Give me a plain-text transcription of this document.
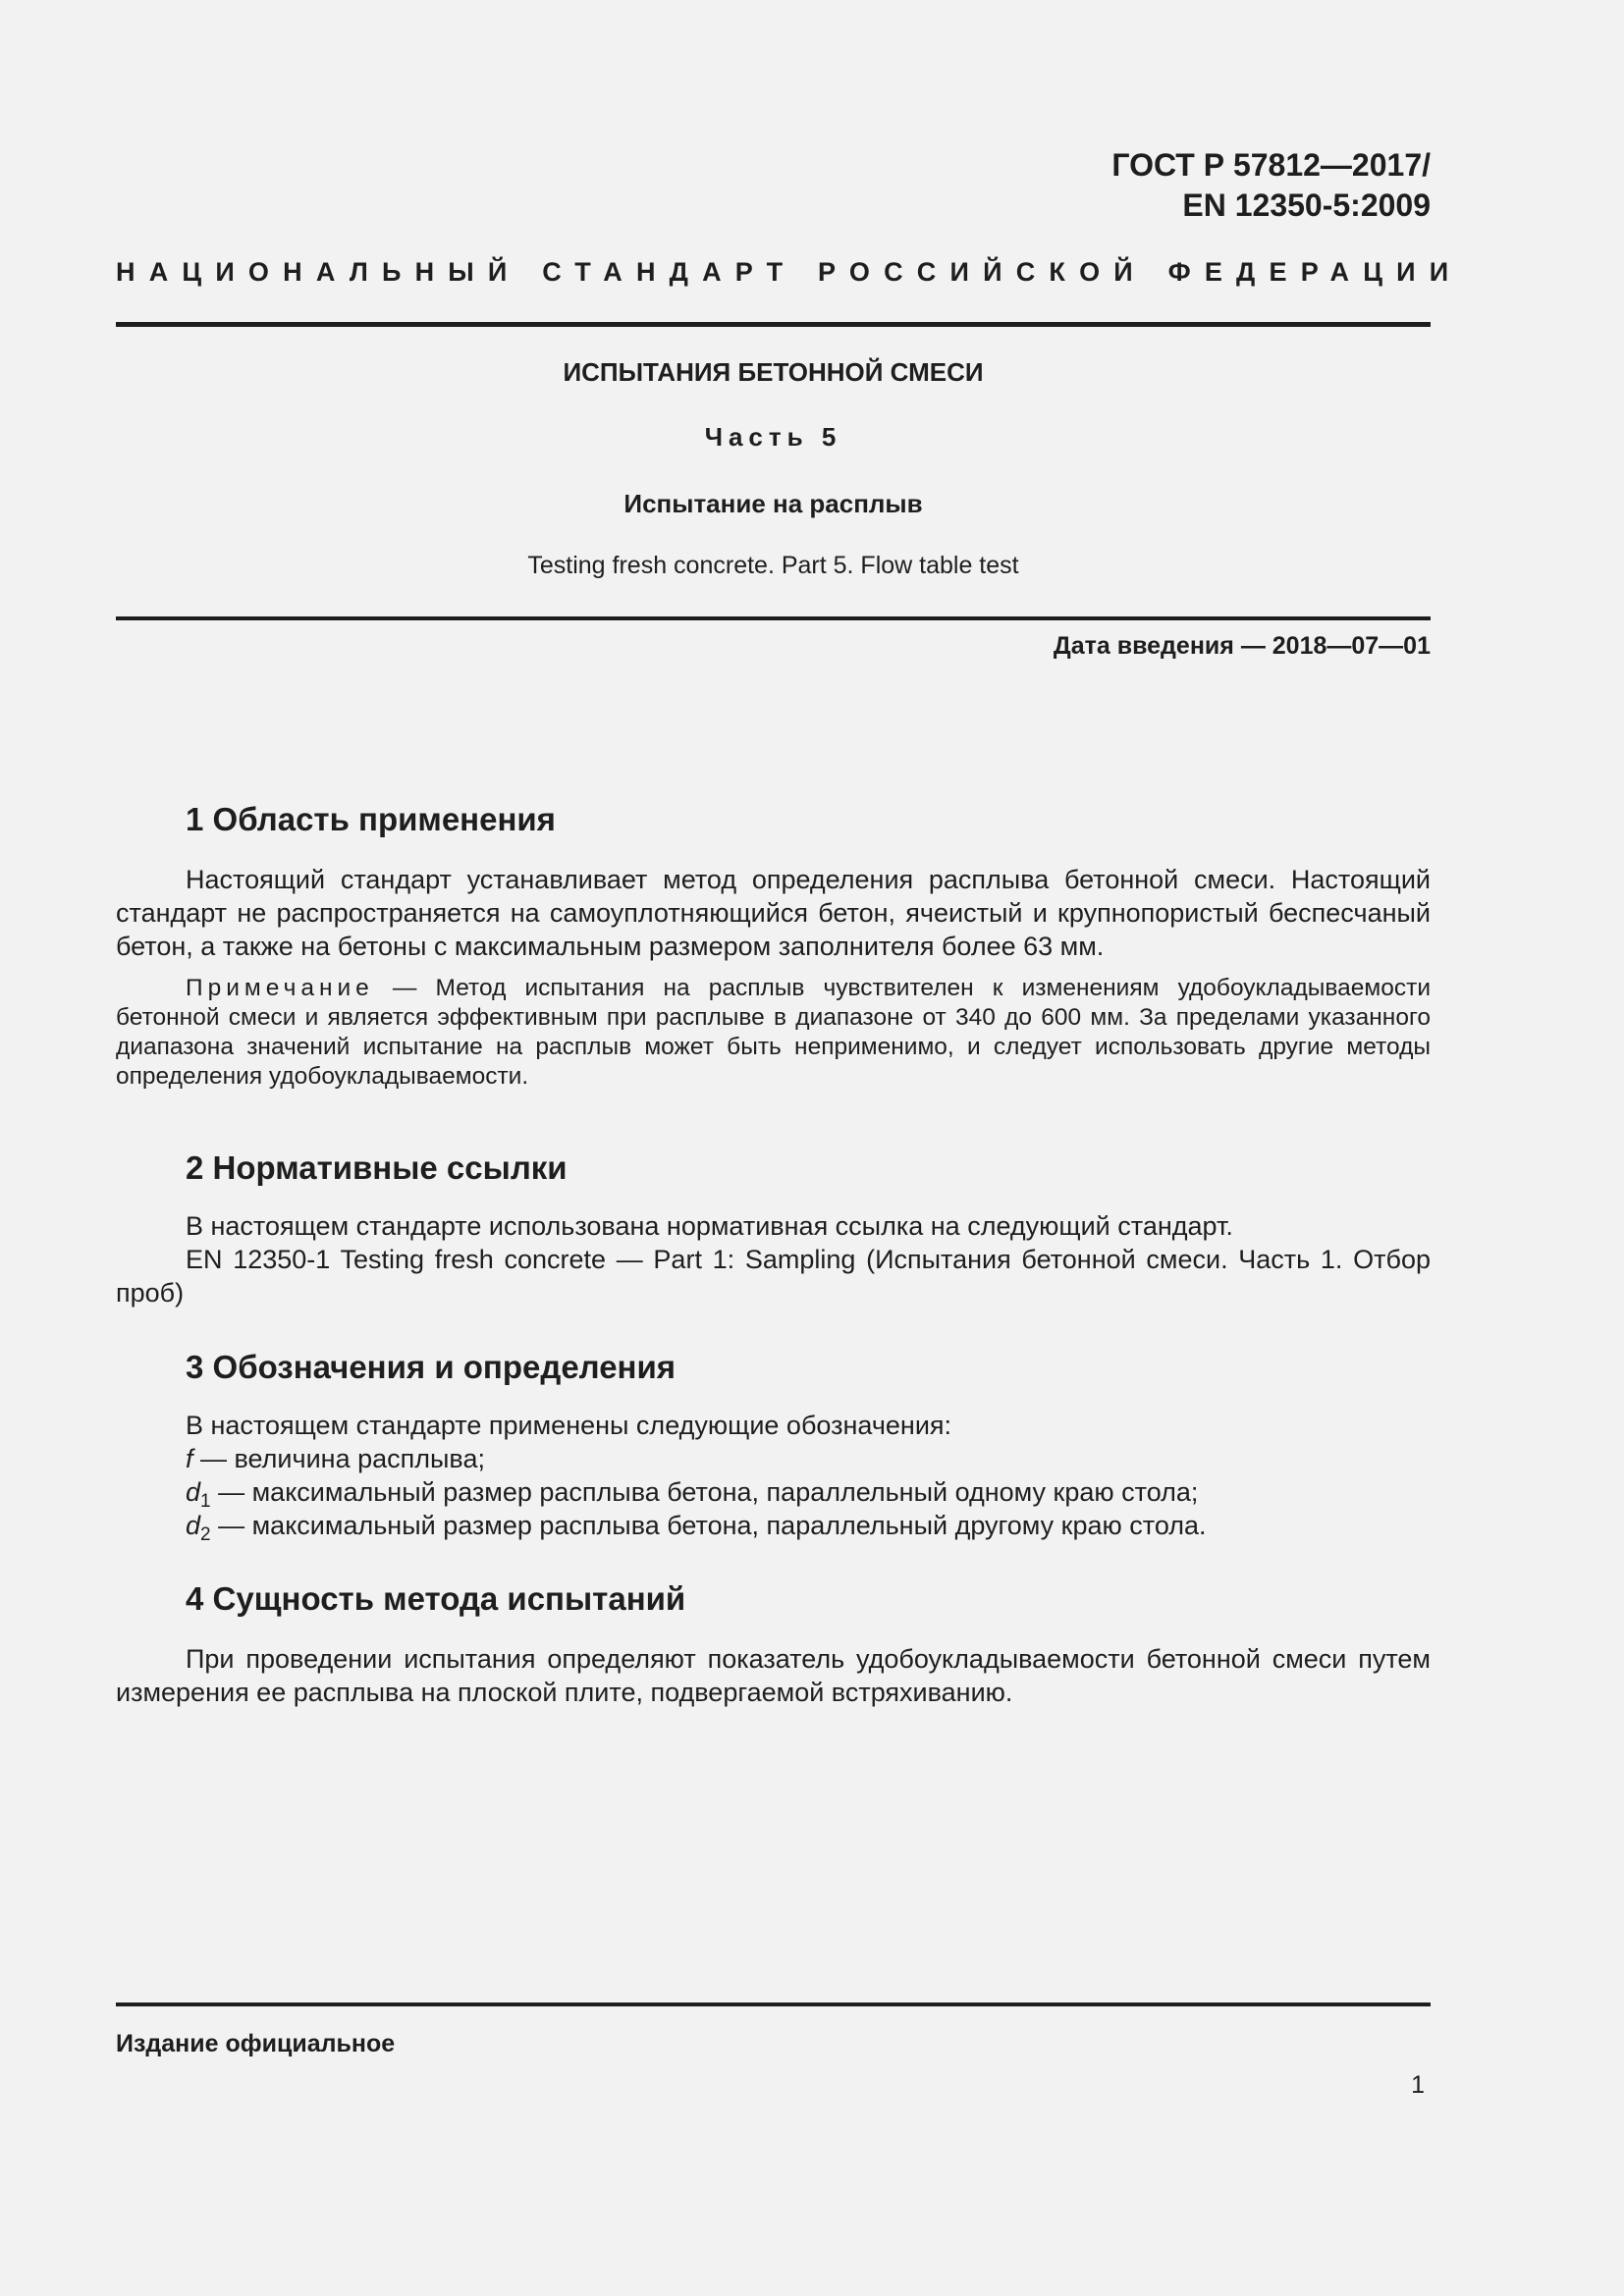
ГОСТ Р 57812—2017/
EN 12350-5:2009
НАЦИОНАЛЬНЫЙ СТАНДАРТ РОССИЙСКОЙ ФЕДЕРАЦИИ
ИСПЫТАНИЯ БЕТОННОЙ СМЕСИ
Часть 5
Испытание на расплыв
Testing fresh concrete. Part 5. Flow table test
Дата введения — 2018—07—01
1 Область применения
Настоящий стандарт устанавливает метод определения расплыва бетонной смеси. Настоящий стандарт не распространяется на самоуплотняющийся бетон, ячеистый и крупнопористый беспесчаный бетон, а также на бетоны с максимальным размером заполнителя более 63 мм.
Примечание — Метод испытания на расплыв чувствителен к изменениям удобоукладываемости бетонной смеси и является эффективным при расплыве в диапазоне от 340 до 600 мм. За пределами указанного диапазона значений испытание на расплыв может быть неприменимо, и следует использовать другие методы определения удобоукладываемости.
2 Нормативные ссылки
В настоящем стандарте использована нормативная ссылка на следующий стандарт.
EN 12350-1 Testing fresh concrete — Part 1: Sampling (Испытания бетонной смеси. Часть 1. Отбор проб)
3 Обозначения и определения
В настоящем стандарте применены следующие обозначения:
f — величина расплыва;
$d_1$ — максимальный размер расплыва бетона, параллельный одному краю стола;
$d_2$ — максимальный размер расплыва бетона, параллельный другому краю стола.
4 Сущность метода испытаний
При проведении испытания определяют показатель удобоукладываемости бетонной смеси путем измерения ее расплыва на плоской плите, подвергаемой встряхиванию.
Издание официальное
1
